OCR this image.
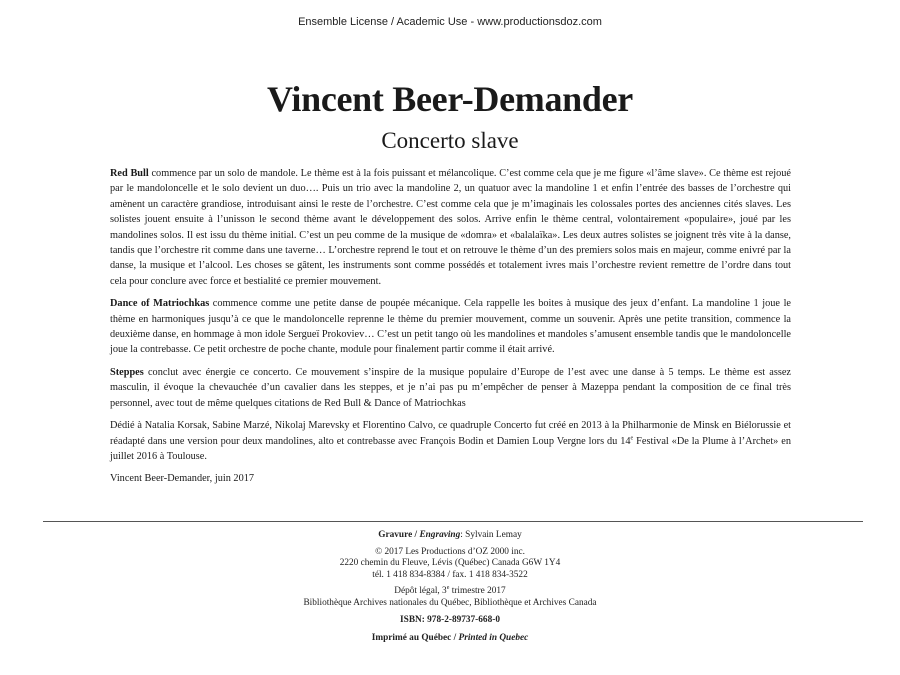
Ensemble License / Academic Use - www.productionsdoz.com
Vincent Beer-Demander
Concerto slave

Red Bull commence par un solo de mandole. Le thème est à la fois puissant et mélancolique. C’est comme cela que je me figure «l’âme slave». Ce thème est rejoué par le mandoloncelle et le solo devient un duo…. Puis un trio avec la mandoline 2, un quatuor avec la mandoline 1 et enfin l’entrée des basses de l’orchestre qui amènent un caractère grandiose, introduisant ainsi le reste de l’orchestre. C’est comme cela que je m’imaginais les colossales portes des anciennes cités slaves. Les solistes jouent ensuite à l’unisson le second thème avant le développement des solos. Arrive enfin le thème central, volontairement «populaire», joué par les mandolines solos. Il est issu du thème initial. C’est un peu comme de la musique de «domra» et «balalaïka». Les deux autres solistes se joignent très vite à la danse, tandis que l’orchestre rit comme dans une taverne… L’orchestre reprend le tout et on retrouve le thème d’un des premiers solos mais en majeur, comme enivré par la danse, la musique et l’alcool. Les choses se gâtent, les instruments sont comme possédés et totalement ivres mais l’orchestre revient remettre de l’ordre dans tout cela pour conclure avec force et bestialité ce premier mouvement.

Dance of Matriochkas commence comme une petite danse de poupée mécanique. Cela rappelle les boites à musique des jeux d’enfant. La mandoline 1 joue le thème en harmoniques jusqu’à ce que le mandoloncelle reprenne le thème du premier mouvement, comme un souvenir. Après une petite transition, commence la deuxième danse, en hommage à mon idole Sergueï Prokoviev… C’est un petit tango où les mandolines et mandoles s’amusent ensemble tandis que le mandoloncelle joue la contrebasse. Ce petit orchestre de poche chante, module pour finalement partir comme il était arrivé.

Steppes conclut avec énergie ce concerto. Ce mouvement s’inspire de la musique populaire d’Europe de l’est avec une danse à 5 temps. Le thème est assez masculin, il évoque la chevauchée d’un cavalier dans les steppes, et je n’ai pas pu m’empêcher de penser à Mazeppa pendant la composition de ce final très personnel, avec tout de même quelques citations de Red Bull & Dance of Matriochkas

Dédié à Natalia Korsak, Sabine Marzé, Nikolaj Marevsky et Florentino Calvo, ce quadruple Concerto fut créé en 2013 à la Philharmonie de Minsk en Biélorussie et réadapté dans une version pour deux mandolines, alto et contrebasse avec François Bodin et Damien Loup Vergne lors du 14e Festival «De la Plume à l’Archet» en juillet 2016 à Toulouse.

Vincent Beer-Demander, juin 2017

Gravure / Engraving: Sylvain Lemay
© 2017 Les Productions d’OZ 2000 inc.
2220 chemin du Fleuve, Lévis (Québec) Canada G6W 1Y4
tél. 1 418 834-8384 / fax. 1 418 834-3522
Dépôt légal, 3e trimestre 2017
Bibliothèque Archives nationales du Québec, Bibliothèque et Archives Canada
ISBN: 978-2-89737-668-0
Imprimé au Québec / Printed in Quebec
